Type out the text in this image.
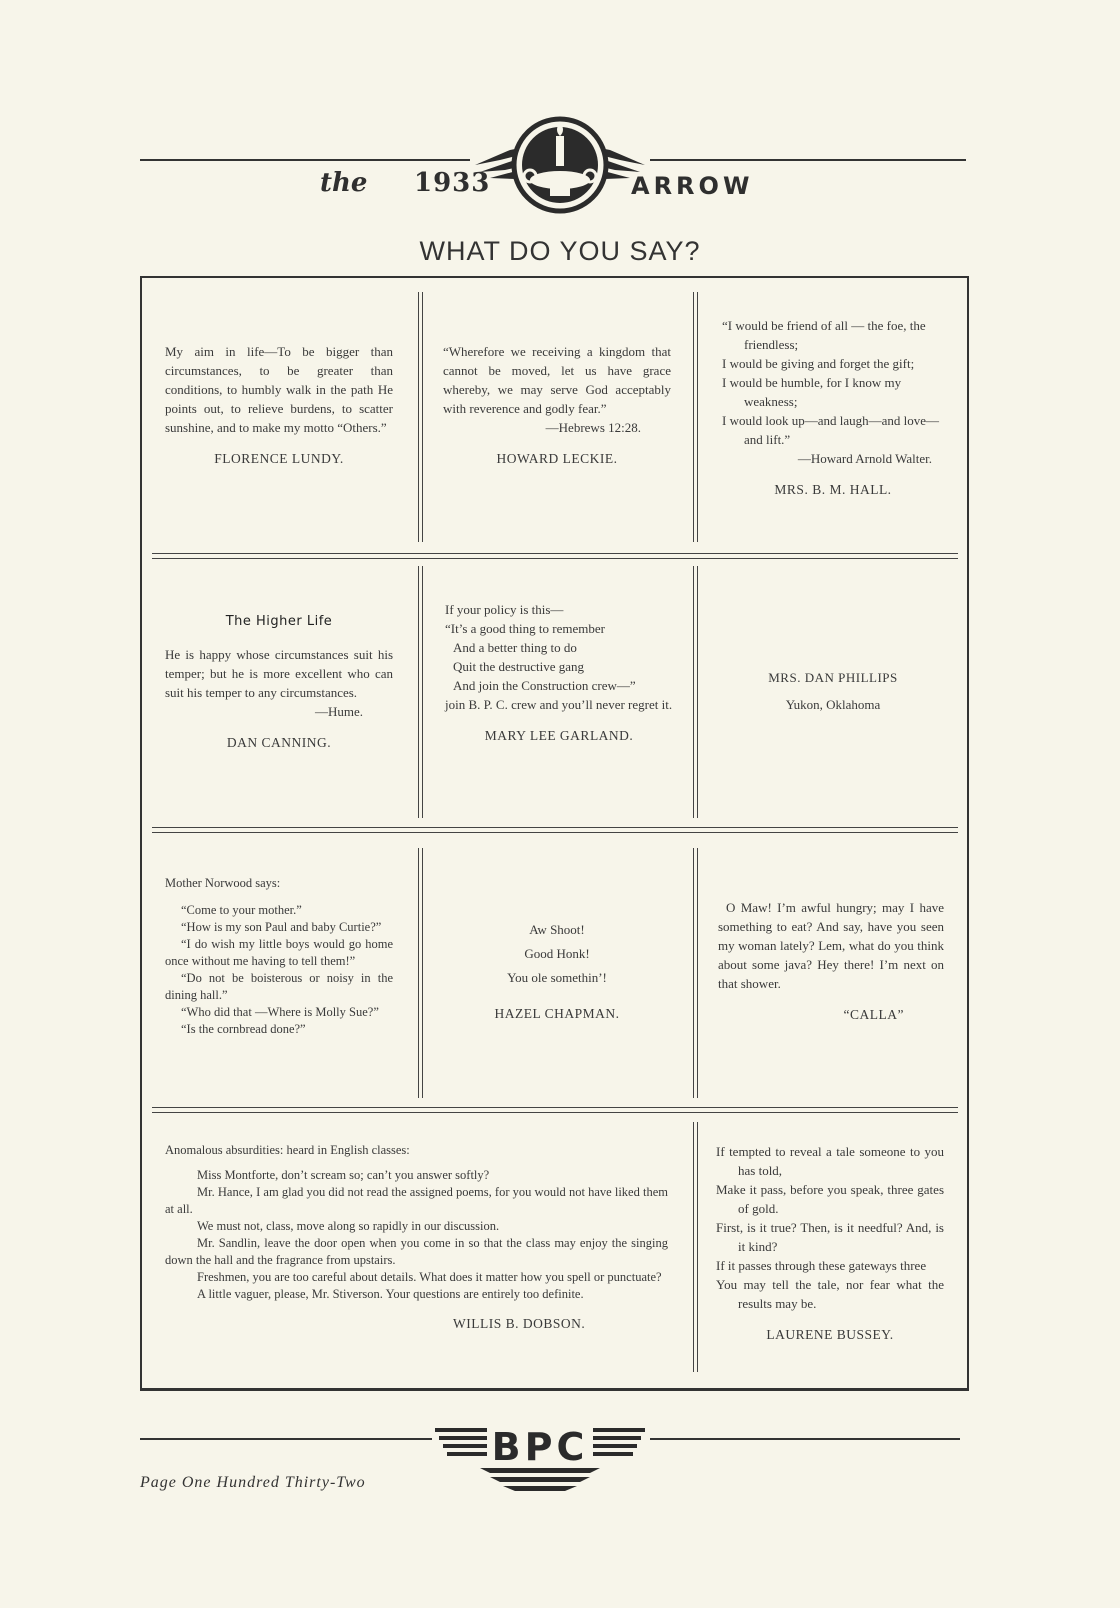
the 1933	ARROW
WHAT DO YOU SAY?

My aim in life—To be bigger than circumstances, to be greater than conditions, to humbly walk in the path He points out, to relieve burdens, to scatter sunshine, and to make my motto “Others.”

FLORENCE LUNDY.

“Wherefore we receiving a kingdom that cannot be moved, let us have grace whereby, we may serve God acceptably with reverence and godly fear.”

—Hebrews 12:28.

HOWARD LECKIE.

“I would be friend of all — the foe, the friendless;

I would be giving and forget the gift;

I would be humble, for I know my weakness;

I would look up—and laugh—and love—and lift.”

—Howard Arnold Walter.

MRS. B. M. HALL.

The Higher Life

He is happy whose circumstances suit his temper; but he is more excellent who can suit his temper to any circumstances.

—Hume.

DAN CANNING.

If your policy is this—

“It’s a good thing to remember

And a better thing to do

Quit the destructive gang

And join the Construction crew—”

join B. P. C. crew and you’ll never regret it.

MARY LEE GARLAND.

MRS. DAN PHILLIPS

Yukon, Oklahoma

Mother Norwood says:

“Come to your mother.”

“How is my son Paul and baby Curtie?”

“I do wish my little boys would go home once without me having to tell them!”

“Do not be boisterous or noisy in the dining hall.”

“Who did that —Where is Molly Sue?”

“Is the cornbread done?”

Aw Shoot!

Good Honk!

You ole somethin’!

HAZEL CHAPMAN.

O Maw! I’m awful hungry; may I have something to eat? And say, have you seen my woman lately? Lem, what do you think about some java? Hey there! I’m next on that shower.

“CALLA”

Anomalous absurdities: heard in English classes:

Miss Montforte, don’t scream so; can’t you answer softly?

Mr. Hance, I am glad you did not read the assigned poems, for you would not have liked them at all.

We must not, class, move along so rapidly in our discussion.

Mr. Sandlin, leave the door open when you come in so that the class may enjoy the singing down the hall and the fragrance from upstairs.

Freshmen, you are too careful about details. What does it matter how you spell or punctuate?

A little vaguer, please, Mr. Stiverson. Your questions are entirely too definite.

WILLIS B. DOBSON.

If tempted to reveal a tale someone to you has told,

Make it pass, before you speak, three gates of gold.

First, is it true? Then, is it needful? And, is it kind?

If it passes through these gateways three

You may tell the tale, nor fear what the results may be.

LAURENE BUSSEY.

BPC
Page One Hundred Thirty-Two
